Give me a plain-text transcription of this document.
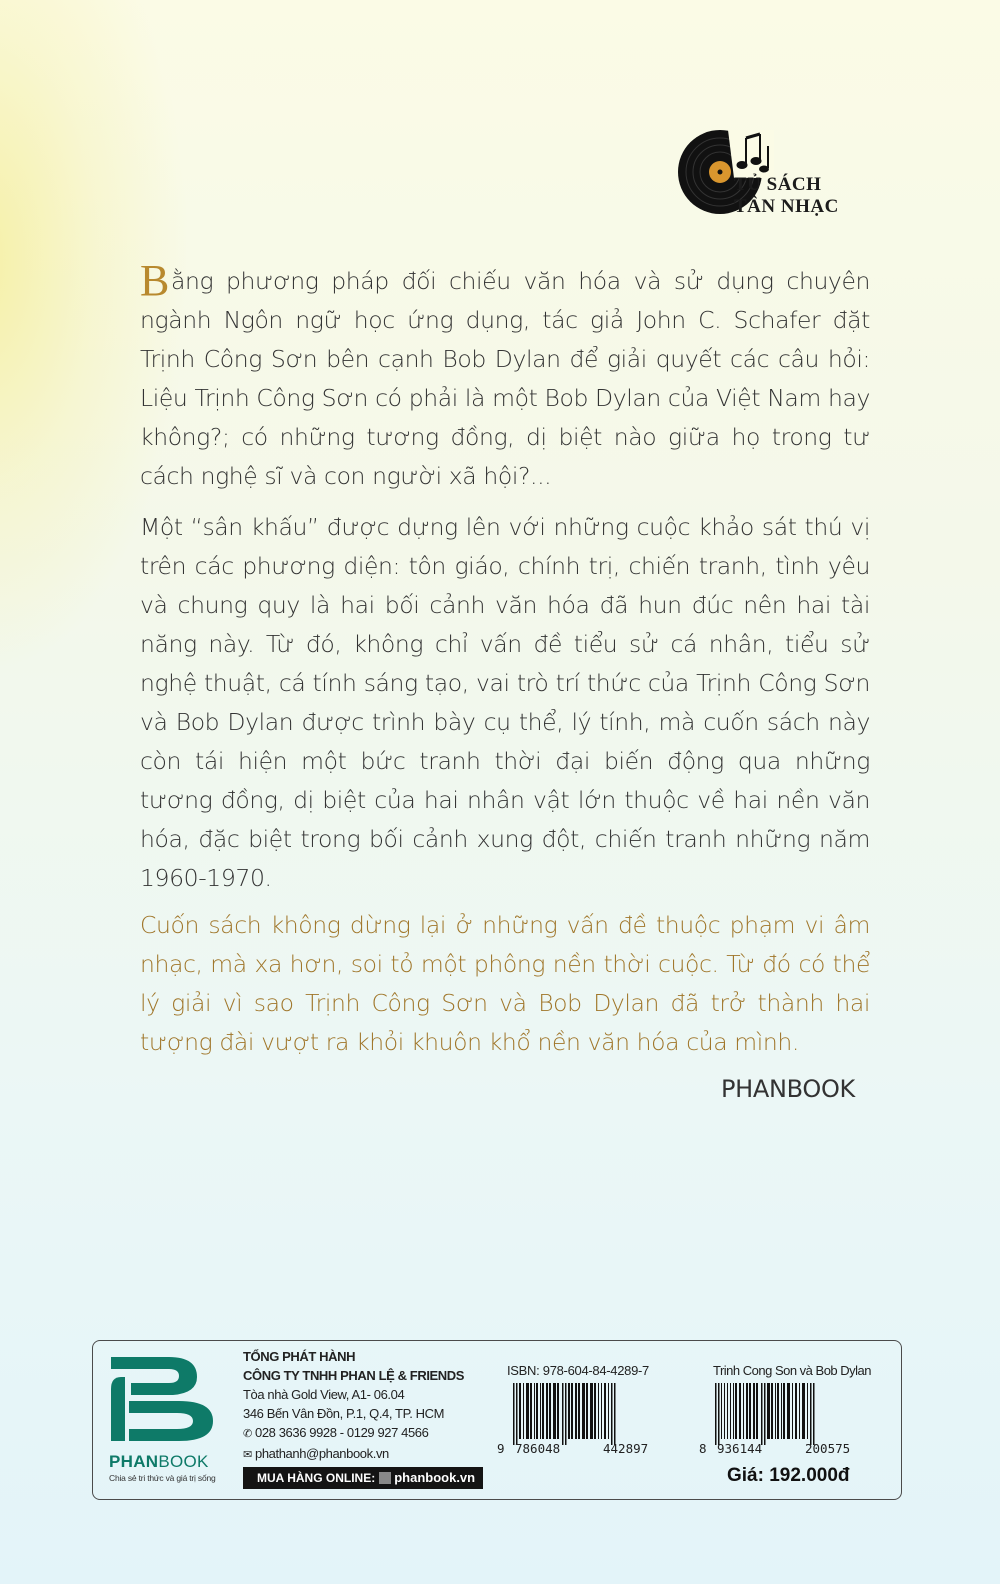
TỦ SÁCH
TÂN NHẠC

Bằng phương pháp đối chiếu văn hóa và sử dụng chuyên ngành Ngôn ngữ học ứng dụng, tác giả John C. Schafer đặt Trịnh Công Sơn bên cạnh Bob Dylan để giải quyết các câu hỏi: Liệu Trịnh Công Sơn có phải là một Bob Dylan của Việt Nam hay không?; có những tương đồng, dị biệt nào giữa họ trong tư cách nghệ sĩ và con người xã hội?...

Một “sân khấu” được dựng lên với những cuộc khảo sát thú vị trên các phương diện: tôn giáo, chính trị, chiến tranh, tình yêu và chung quy là hai bối cảnh văn hóa đã hun đúc nên hai tài năng này. Từ đó, không chỉ vấn đề tiểu sử cá nhân, tiểu sử nghệ thuật, cá tính sáng tạo, vai trò trí thức của Trịnh Công Sơn và Bob Dylan được trình bày cụ thể, lý tính, mà cuốn sách này còn tái hiện một bức tranh thời đại biến động qua những tương đồng, dị biệt của hai nhân vật lớn thuộc về hai nền văn hóa, đặc biệt trong bối cảnh xung đột, chiến tranh những năm 1960-1970.

Cuốn sách không dừng lại ở những vấn đề thuộc phạm vi âm nhạc, mà xa hơn, soi tỏ một phông nền thời cuộc. Từ đó có thể lý giải vì sao Trịnh Công Sơn và Bob Dylan đã trở thành hai tượng đài vượt ra khỏi khuôn khổ nền văn hóa của mình.

PHANBOOK
PHANBOOK
Chia sẻ tri thức và giá trị sống
TỔNG PHÁT HÀNH
CÔNG TY TNHH PHAN LỆ & FRIENDS
Tòa nhà Gold View, A1- 06.04
346 Bến Vân Đồn, P.1, Q.4, TP. HCM
✆ 028 3636 9928 - 0129 927 4566
✉ phathanh@phanbook.vn
MUA HÀNG ONLINE: phanbook.vn
ISBN: 978-604-84-4289-7
9 786048	442897
Trinh Cong Son và Bob Dylan
8 936144	200575
Giá: 192.000đ
